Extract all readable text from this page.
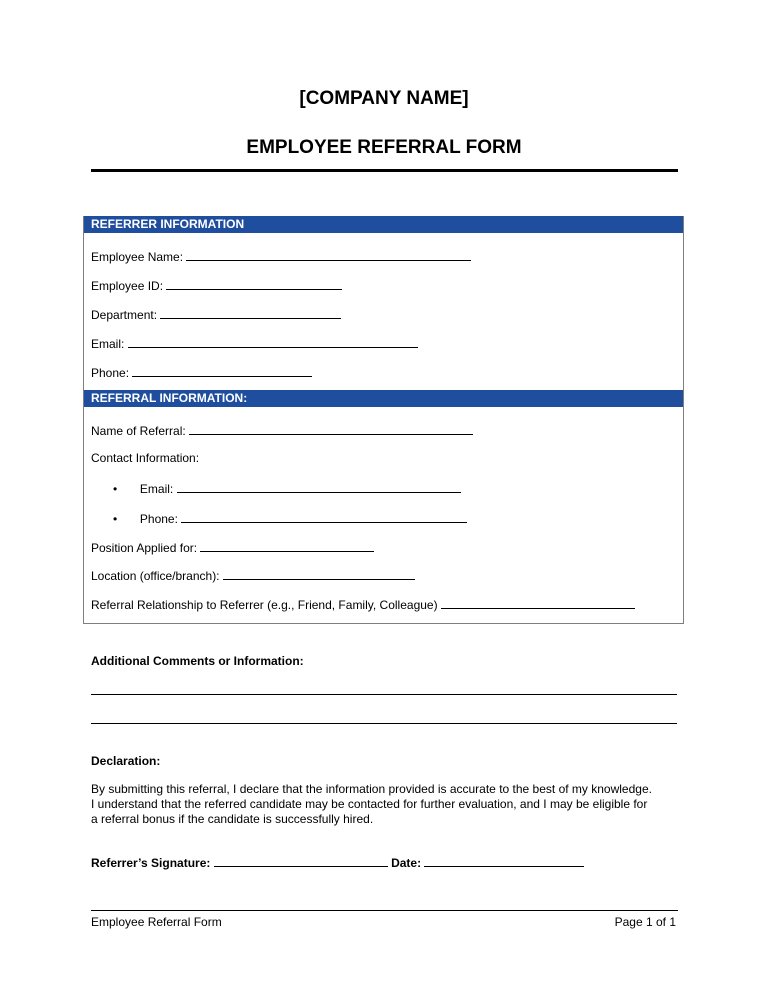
[COMPANY NAME]
EMPLOYEE REFERRAL FORM
REFERRER INFORMATION
Employee Name:
Employee ID:
Department:
Email:
Phone:
REFERRAL INFORMATION:
Name of Referral:
Contact Information:
• Email:
• Phone:
Position Applied for:
Location (office/branch):
Referral Relationship to Referrer (e.g., Friend, Family, Colleague)
Additional Comments or Information:
Declaration:
By submitting this referral, I declare that the information provided is accurate to the best of my knowledge.
I understand that the referred candidate may be contacted for further evaluation, and I may be eligible for
a referral bonus if the candidate is successfully hired.
Referrer’s Signature:	Date:
Employee Referral Form	Page 1 of 1
